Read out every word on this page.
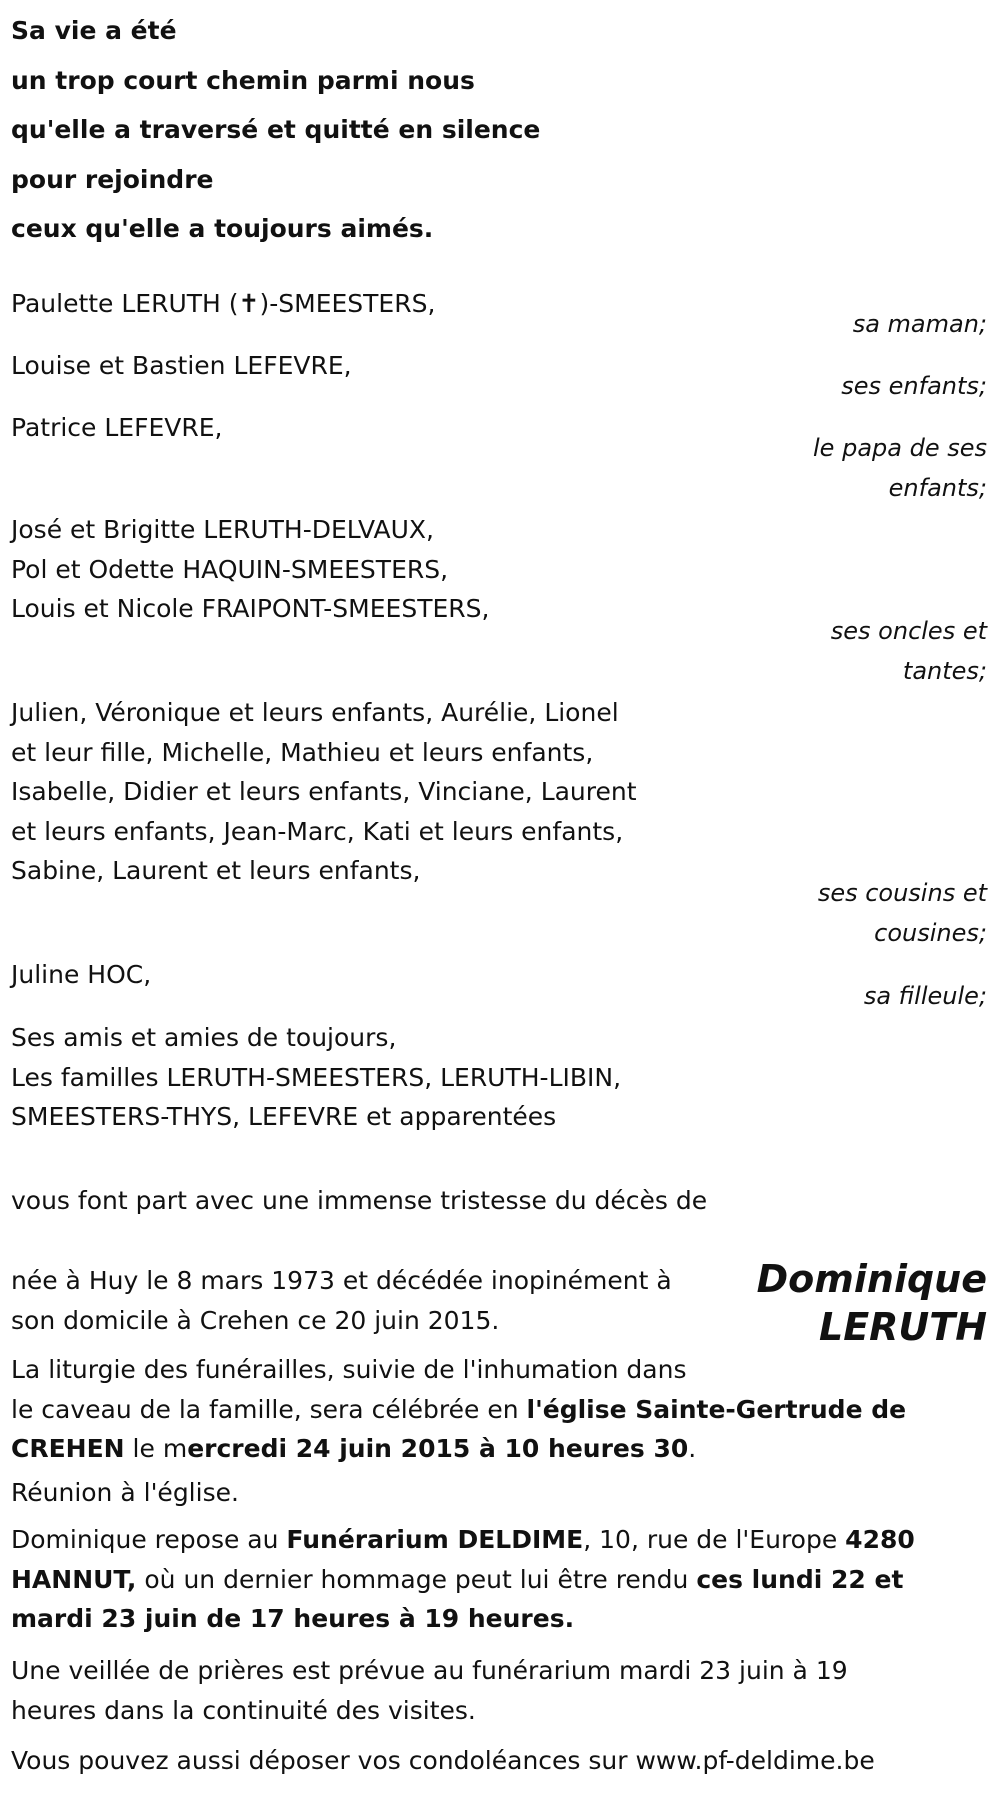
Sa vie a été
un trop court chemin parmi nous
qu'elle a traversé et quitté en silence
pour rejoindre
ceux qu'elle a toujours aimés.
Paulette LERUTH (✝)-SMEESTERS,
sa maman;
Louise et Bastien LEFEVRE,
ses enfants;
Patrice LEFEVRE,
le papa de ses
enfants;
José et Brigitte LERUTH-DELVAUX,
Pol et Odette HAQUIN-SMEESTERS,
Louis et Nicole FRAIPONT-SMEESTERS,
ses oncles et
tantes;
Julien, Véronique et leurs enfants, Aurélie, Lionel
et leur fille, Michelle, Mathieu et leurs enfants,
Isabelle, Didier et leurs enfants, Vinciane, Laurent
et leurs enfants, Jean-Marc, Kati et leurs enfants,
Sabine, Laurent et leurs enfants,
ses cousins et
cousines;
Juline HOC,
sa filleule;
Ses amis et amies de toujours,
Les familles LERUTH-SMEESTERS, LERUTH-LIBIN,
SMEESTERS-THYS, LEFEVRE et apparentées
vous font part avec une immense tristesse du décès de
Dominique
LERUTH
née à Huy le 8 mars 1973 et décédée inopinément à
son domicile à Crehen ce 20 juin 2015.
La liturgie des funérailles, suivie de l'inhumation dans
le caveau de la famille, sera célébrée en l'église Sainte-Gertrude de CREHEN le mercredi 24 juin 2015 à 10 heures 30.
Réunion à l'église.
Dominique repose au Funérarium DELDIME, 10, rue de l'Europe 4280 HANNUT, où un dernier hommage peut lui être rendu ces lundi 22 et mardi 23 juin de 17 heures à 19 heures.
Une veillée de prières est prévue au funérarium mardi 23 juin à 19
heures dans la continuité des visites.
Vous pouvez aussi déposer vos condoléances sur www.pf-deldime.be
